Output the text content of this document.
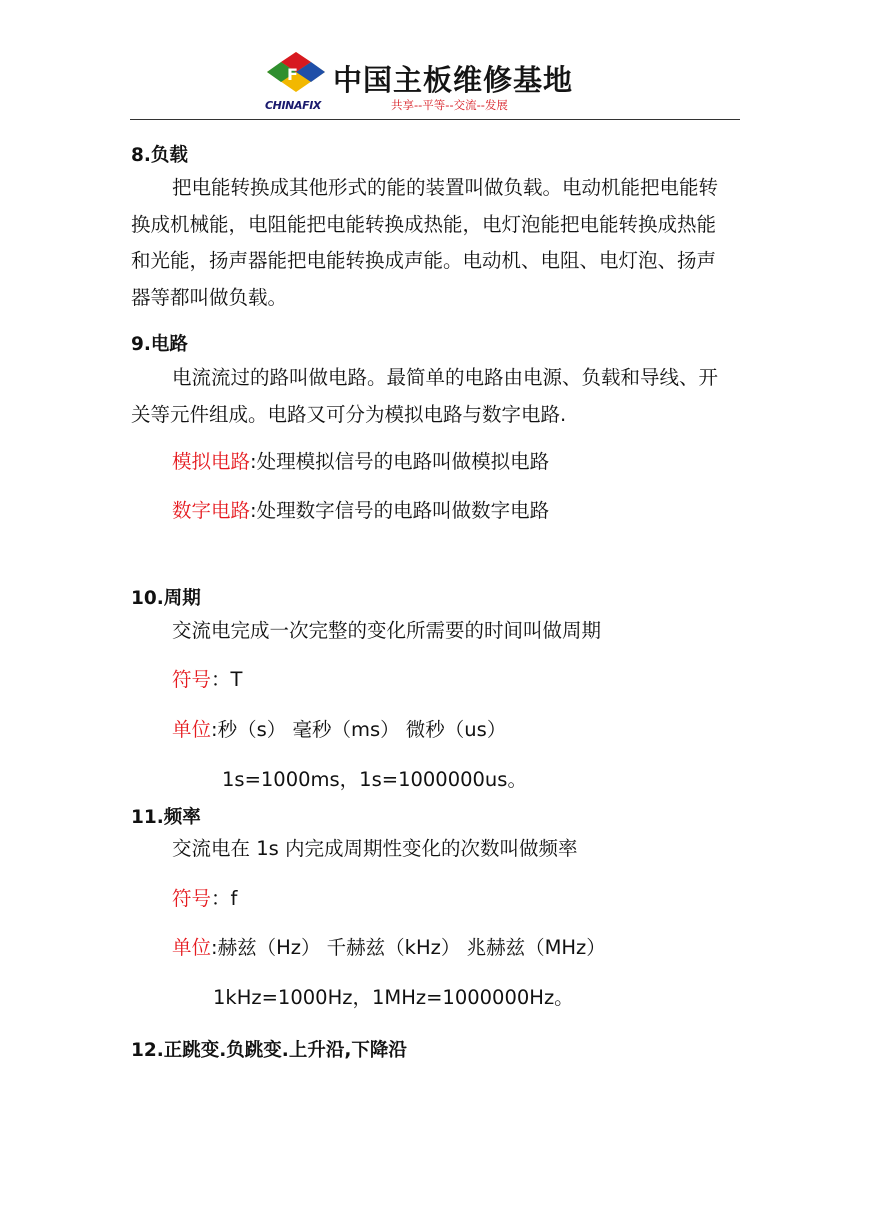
F
CHINAFIX
中国主板维修基地
共享--平等--交流--发展
8.负载

把电能转换成其他形式的能的装置叫做负载。电动机能把电能转换成机械能，电阻能把电能转换成热能，电灯泡能把电能转换成热能和光能，扬声器能把电能转换成声能。电动机、电阻、电灯泡、扬声器等都叫做负载。

9.电路

电流流过的路叫做电路。最简单的电路由电源、负载和导线、开关等元件组成。电路又可分为模拟电路与数字电路.

模拟电路:处理模拟信号的电路叫做模拟电路
数字电路:处理数字信号的电路叫做数字电路
10.周期
交流电完成一次完整的变化所需要的时间叫做周期
符号：T
单位:秒（s） 毫秒（ms） 微秒（us）
1s=1000ms，1s=1000000us。
11.频率
交流电在 1s 内完成周期性变化的次数叫做频率
符号：f
单位:赫兹（Hz） 千赫兹（kHz） 兆赫兹（MHz）
1kHz=1000Hz，1MHz=1000000Hz。
12.正跳变.负跳变.上升沿,下降沿
